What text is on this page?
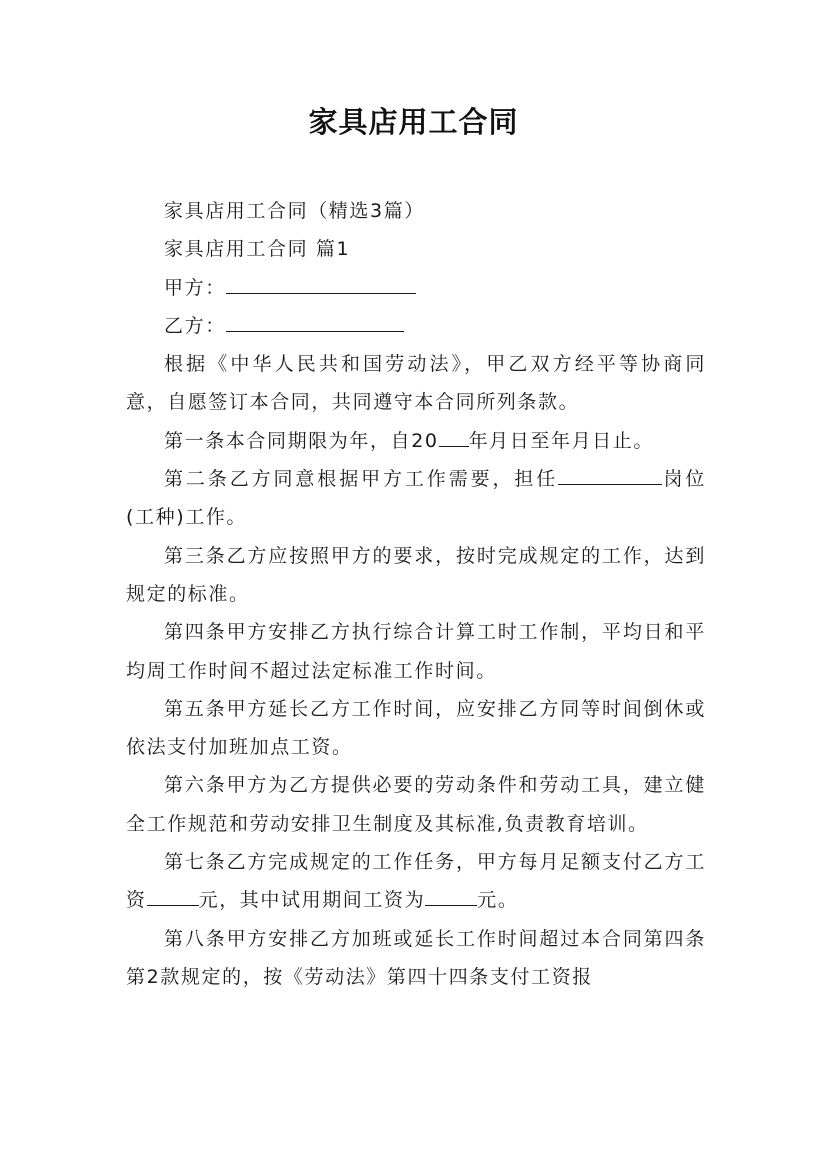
家具店用工合同

家具店用工合同（精选3篇）

家具店用工合同 篇1

甲方：

乙方：

根据《中华人民共和国劳动法》，甲乙双方经平等协商同意，自愿签订本合同，共同遵守本合同所列条款。

第一条本合同期限为年，自20 年月日至年月日止。

第二条乙方同意根据甲方工作需要，担任	岗位(工种)工作。

第三条乙方应按照甲方的要求，按时完成规定的工作，达到规定的标准。

第四条甲方安排乙方执行综合计算工时工作制，平均日和平均周工作时间不超过法定标准工作时间。

第五条甲方延长乙方工作时间，应安排乙方同等时间倒休或依法支付加班加点工资。

第六条甲方为乙方提供必要的劳动条件和劳动工具，建立健全工作规范和劳动安排卫生制度及其标准,负责教育培训。

第七条乙方完成规定的工作任务，甲方每月足额支付乙方工资	元，其中试用期间工资为	元。

第八条甲方安排乙方加班或延长工作时间超过本合同第四条第2款规定的，按《劳动法》第四十四条支付工资报
